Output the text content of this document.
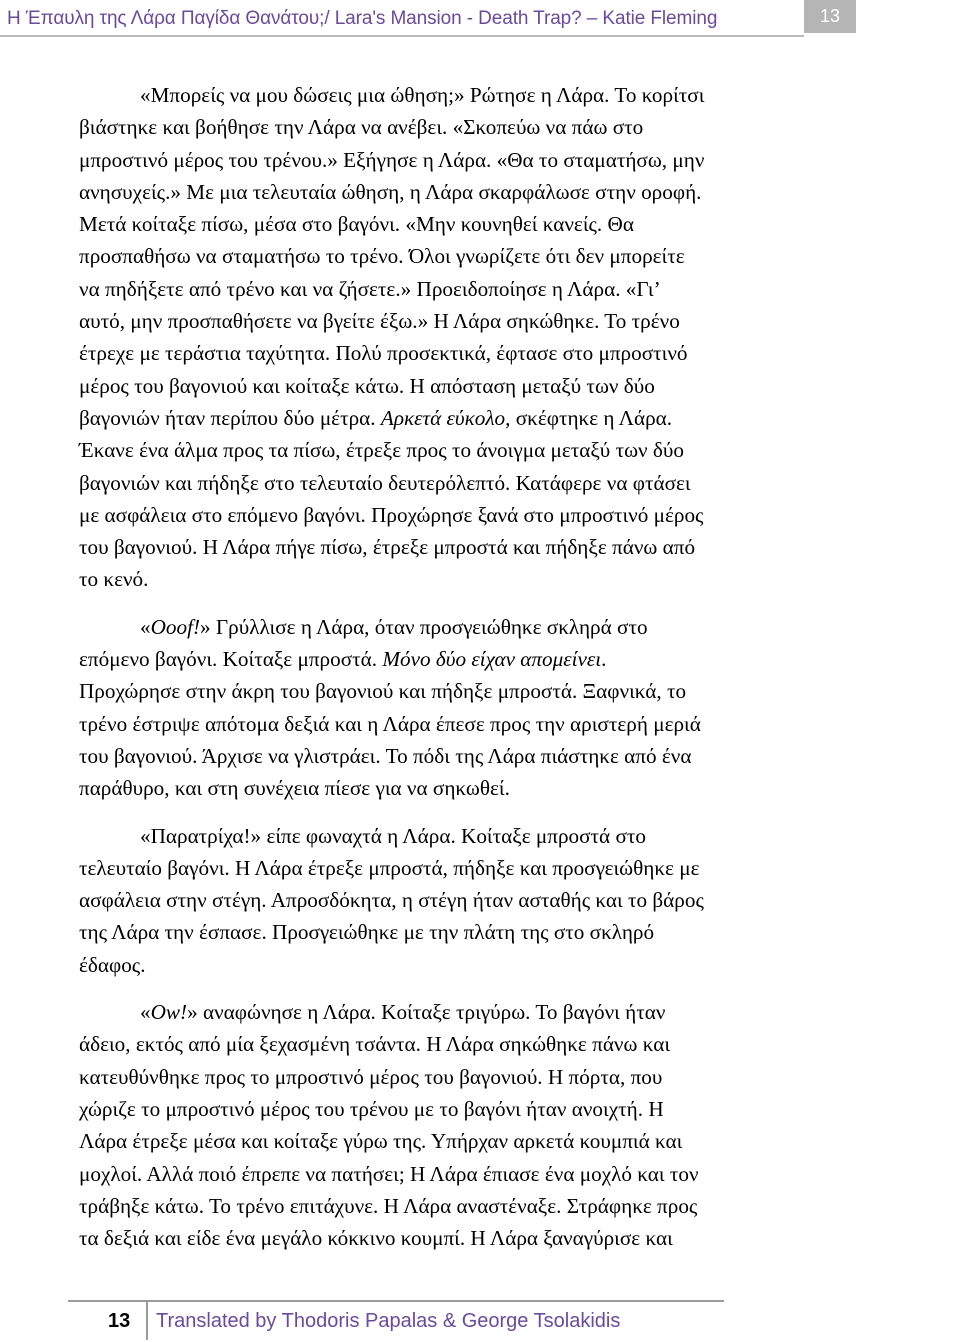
Η Έπαυλη της Λάρα Παγίδα Θανάτου;/ Lara's Mansion - Death Trap? – Katie Fleming	13

«Μπορείς να μου δώσεις μια ώθηση;» Ρώτησε η Λάρα. Το κορίτσι
βιάστηκε και βοήθησε την Λάρα να ανέβει. «Σκοπεύω να πάω στο
μπροστινό μέρος του τρένου.» Εξήγησε η Λάρα. «Θα το σταματήσω, μην
ανησυχείς.» Με μια τελευταία ώθηση, η Λάρα σκαρφάλωσε στην οροφή.
Μετά κοίταξε πίσω, μέσα στο βαγόνι. «Μην κουνηθεί κανείς. Θα
προσπαθήσω να σταματήσω το τρένο. Όλοι γνωρίζετε ότι δεν μπορείτε
να πηδήξετε από τρένο και να ζήσετε.» Προειδοποίησε η Λάρα. «Γι’
αυτό, μην προσπαθήσετε να βγείτε έξω.» Η Λάρα σηκώθηκε. Το τρένο
έτρεχε με τεράστια ταχύτητα. Πολύ προσεκτικά, έφτασε στο μπροστινό
μέρος του βαγονιού και κοίταξε κάτω. Η απόσταση μεταξύ των δύο
βαγονιών ήταν περίπου δύο μέτρα. Αρκετά εύκολο, σκέφτηκε η Λάρα.
Έκανε ένα άλμα προς τα πίσω, έτρεξε προς το άνοιγμα μεταξύ των δύο
βαγονιών και πήδηξε στο τελευταίο δευτερόλεπτό. Κατάφερε να φτάσει
με ασφάλεια στο επόμενο βαγόνι. Προχώρησε ξανά στο μπροστινό μέρος
του βαγονιού. Η Λάρα πήγε πίσω, έτρεξε μπροστά και πήδηξε πάνω από
το κενό.

«Ooof!» Γρύλλισε η Λάρα, όταν προσγειώθηκε σκληρά στο
επόμενο βαγόνι. Κοίταξε μπροστά. Μόνο δύο είχαν απομείνει.
Προχώρησε στην άκρη του βαγονιού και πήδηξε μπροστά. Ξαφνικά, το
τρένο έστριψε απότομα δεξιά και η Λάρα έπεσε προς την αριστερή μεριά
του βαγονιού. Άρχισε να γλιστράει. Το πόδι της Λάρα πιάστηκε από ένα
παράθυρο, και στη συνέχεια πίεσε για να σηκωθεί.

«Παρατρίχα!» είπε φωναχτά η Λάρα. Κοίταξε μπροστά στο
τελευταίο βαγόνι. Η Λάρα έτρεξε μπροστά, πήδηξε και προσγειώθηκε με
ασφάλεια στην στέγη. Απροσδόκητα, η στέγη ήταν ασταθής και το βάρος
της Λάρα την έσπασε. Προσγειώθηκε με την πλάτη της στο σκληρό
έδαφος.

«Ow!» αναφώνησε η Λάρα. Κοίταξε τριγύρω. Το βαγόνι ήταν
άδειο, εκτός από μία ξεχασμένη τσάντα. Η Λάρα σηκώθηκε πάνω και
κατευθύνθηκε προς το μπροστινό μέρος του βαγονιού. Η πόρτα, που
χώριζε το μπροστινό μέρος του τρένου με το βαγόνι ήταν ανοιχτή. Η
Λάρα έτρεξε μέσα και κοίταξε γύρω της. Υπήρχαν αρκετά κουμπιά και
μοχλοί. Αλλά ποιό έπρεπε να πατήσει; Η Λάρα έπιασε ένα μοχλό και τον
τράβηξε κάτω. Το τρένο επιτάχυνε. Η Λάρα αναστέναξε. Στράφηκε προς
τα δεξιά και είδε ένα μεγάλο κόκκινο κουμπί. Η Λάρα ξαναγύρισε και

13 Translated by Thodoris Papalas & George Tsolakidis
